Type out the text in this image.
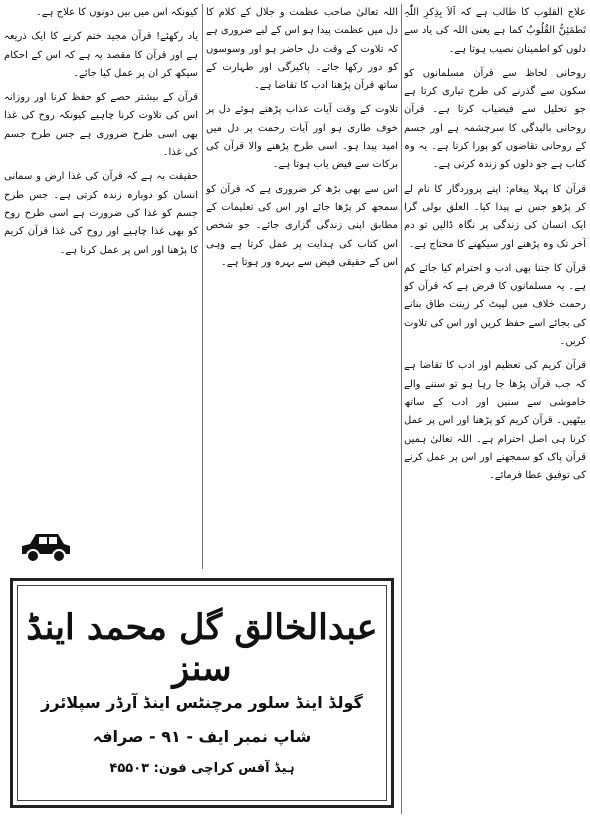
علاج القلوب کا طالب ہے کہ اَلاَ بِذِکرِ اللّٰہِ تَطمَئِنُّ القُلُوبُ کما ہے یعنی اللہ کی یاد سے دلوں کو اطمینان نصیب ہوتا ہے۔

روحانی لحاظ سے قرآن مسلمانوں کو سکون سے گذرنے کی طرح تیاری کرتا ہے جو تحلیل سے فیضیاب کرتا ہے۔ قرآن روحانی بالیدگی کا سرچشمہ ہے اور جسم کے روحانی تقاضوں کو پورا کرتا ہے۔ یہ وہ کتاب ہے جو دلوں کو زندہ کرتی ہے۔

قرآن کا پہلا پیغام: اپنے پروردگار کا نام لے کر پڑھو جس نے پیدا کیا۔ العلق بولی گرا ایک انسان کی زندگی پر نگاہ ڈالیں تو دم آخر تک وہ پڑھنے اور سیکھنے کا محتاج ہے۔

قرآن کا جتنا بھی ادب و احترام کیا جائے کم ہے۔ یہ مسلمانوں کا فرض ہے کہ قرآن کو رحمت خلاف میں لپیٹ کر زینت طاق بنانے کی بجائے اسے حفظ کریں اور اس کی تلاوت کریں۔

قرآن کریم کی تعظیم اور ادب کا تقاضا ہے کہ جب قرآن پڑھا جا رہا ہو تو سننے والے خاموشی سے سنیں اور ادب کے ساتھ بیٹھیں۔ قرآن کریم کو پڑھنا اور اس پر عمل کرنا ہی اصل احترام ہے۔ اللہ تعالیٰ ہمیں قرآن پاک کو سمجھنے اور اس پر عمل کرنے کی توفیق عطا فرمائے۔

اللہ تعالیٰ صاحب عظمت و جلال کے کلام کا دل میں عظمت پیدا ہو اس کے لیے ضروری ہے کہ تلاوت کے وقت دل حاضر ہو اور وسوسوں کو دور رکھا جائے۔ پاکیزگی اور طہارت کے ساتھ قرآن پڑھنا ادب کا تقاضا ہے۔

تلاوت کے وقت آیات عذاب پڑھتے ہوئے دل پر خوف طاری ہو اور آیات رحمت پر دل میں امید پیدا ہو۔ اسی طرح پڑھنے والا قرآن کی برکات سے فیض یاب ہوتا ہے۔

اس سے بھی بڑھ کر ضروری ہے کہ قرآن کو سمجھ کر پڑھا جائے اور اس کی تعلیمات کے مطابق اپنی زندگی گزاری جائے۔ جو شخص اس کتاب کی ہدایت پر عمل کرتا ہے وہی اس کے حقیقی فیض سے بہرہ ور ہوتا ہے۔

کیونکہ اس میں بیں دونوں کا علاج ہے۔

یاد رکھئے! قرآن مجید ختم کرنے کا ایک ذریعہ ہے اور قرآن کا مقصد یہ ہے کہ اس کے احکام سیکھ کر ان پر عمل کیا جائے۔

قرآن کے بیشتر حصے کو حفظ کرنا اور روزانہ اس کی تلاوت کرنا چاہیے کیونکہ روح کی غذا بھی اسی طرح ضروری ہے جس طرح جسم کی غذا۔

حقیقت یہ ہے کہ قرآن کی غذا ارض و سمانی انسان کو دوبارہ زندہ کرتی ہے۔ جس طرح جسم کو غذا کی ضرورت ہے اسی طرح روح کو بھی غذا چاہیے اور روح کی غذا قرآن کریم کا پڑھنا اور اس پر عمل کرنا ہے۔

عبدالخالق گل محمد اینڈ سنز
گولڈ اینڈ سلور مرچنٹس اینڈ آرڈر سپلائرز
شاپ نمبر ایف - ۹۱ - صرافہ
ہیڈ آفس کراچی فون: ۴۵۵۰۳
